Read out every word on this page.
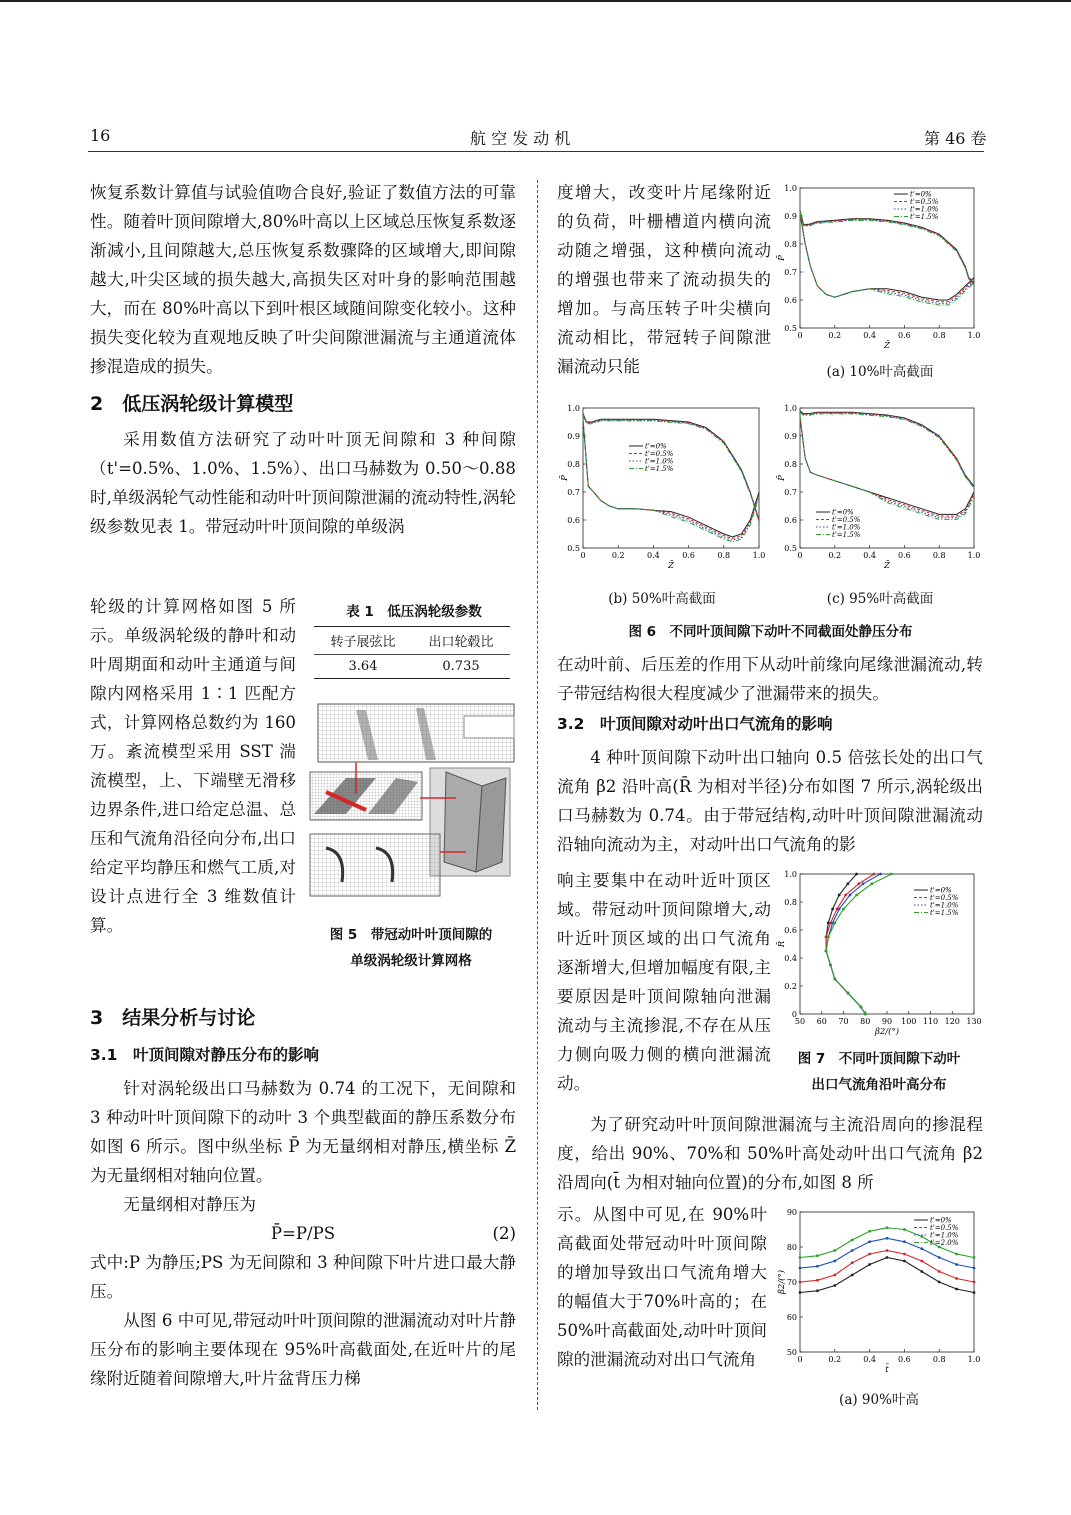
16	航 空 发 动 机	第 46 卷

恢复系数计算值与试验值吻合良好,验证了数值方法的可靠性。随着叶顶间隙增大,80%叶高以上区域总压恢复系数逐渐减小,且间隙越大,总压恢复系数骤降的区域增大,即间隙越大,叶尖区域的损失越大,高损失区对叶身的影响范围越大，而在 80%叶高以下到叶根区域随间隙变化较小。这种损失变化较为直观地反映了叶尖间隙泄漏流与主通道流体掺混造成的损失。

2　低压涡轮级计算模型

采用数值方法研究了动叶叶顶无间隙和 3 种间隙（t'=0.5%、1.0%、1.5%）、出口马赫数为 0.50～0.88 时,单级涡轮气动性能和动叶叶顶间隙泄漏的流动特性,涡轮级参数见表 1。带冠动叶叶顶间隙的单级涡

轮级的计算网格如图 5 所示。单级涡轮级的静叶和动叶周期面和动叶主通道与间隙内网格采用 1∶1 匹配方式，计算网格总数约为 160 万。紊流模型采用 SST 湍流模型，上、下端壁无滑移边界条件,进口给定总温、总压和气流角沿径向分布,出口给定平均静压和燃气工质,对设计点进行全 3 维数值计算。

表 1　低压涡轮级参数
转子展弦比	出口轮毂比
3.64	0.735
图 5　带冠动叶叶顶间隙的
单级涡轮级计算网格

3　结果分析与讨论

3.1　叶顶间隙对静压分布的影响

针对涡轮级出口马赫数为 0.74 的工况下，无间隙和 3 种动叶叶顶间隙下的动叶 3 个典型截面的静压系数分布如图 6 所示。图中纵坐标 P̄ 为无量纲相对静压,横坐标 Z̄ 为无量纲相对轴向位置。

无量纲相对静压为

P̄=P/PS	(2)

式中:P 为静压;PS 为无间隙和 3 种间隙下叶片进口最大静压。

从图 6 中可见,带冠动叶叶顶间隙的泄漏流动对叶片静压分布的影响主要体现在 95%叶高截面处,在近叶片的尾缘附近随着间隙增大,叶片盆背压力梯

度增大，改变叶片尾缘附近的负荷，叶栅槽道内横向流动随之增强，这种横向流动的增强也带来了流动损失的增加。与高压转子叶尖横向流动相比，带冠转子间隙泄漏流动只能

0	0.2	0.4	0.6	0.8	1.0
0.5
0.6
0.7
0.8
0.9
1.0
Z̄
P̄
t'=0%
t'=0.5%
t'=1.0%
t'=1.5%
(a) 10%叶高截面
0	0.2	0.4	0.6	0.8	1.0
0.5
0.6
0.7
0.8
0.9
1.0
Z̄
P̄
t'=0%
t'=0.5%
t'=1.0%
t'=1.5%
0	0.2	0.4	0.6	0.8	1.0
0.5
0.6
0.7
0.8
0.9
1.0
Z̄
P̄
t'=0%
t'=0.5%
t'=1.0%
t'=1.5%
(b) 50%叶高截面	(c) 95%叶高截面
图 6　不同叶顶间隙下动叶不同截面处静压分布

在动叶前、后压差的作用下从动叶前缘向尾缘泄漏流动,转子带冠结构很大程度减少了泄漏带来的损失。

3.2　叶顶间隙对动叶出口气流角的影响

4 种叶顶间隙下动叶出口轴向 0.5 倍弦长处的出口气流角 β2 沿叶高(R̄ 为相对半径)分布如图 7 所示,涡轮级出口马赫数为 0.74。由于带冠结构,动叶叶顶间隙泄漏流动沿轴向流动为主，对动叶出口气流角的影

响主要集中在动叶近叶顶区域。带冠动叶顶间隙增大,动叶近叶顶区域的出口气流角逐渐增大,但增加幅度有限,主要原因是叶顶间隙轴向泄漏流动与主流掺混,不存在从压力侧向吸力侧的横向泄漏流动。

50 60 70 80 90 100 110 120 130
0
0.2
0.4
0.6
0.8
1.0
β2/(°)
R̄
t'=0%
t'=0.5%
t'=1.0%
t'=1.5%
图 7　不同叶顶间隙下动叶
出口气流角沿叶高分布

为了研究动叶叶顶间隙泄漏流与主流沿周向的掺混程度，给出 90%、70%和 50%叶高处动叶出口气流角 β2 沿周向(t̄ 为相对轴向位置)的分布,如图 8 所

示。从图中可见,在 90%叶高截面处带冠动叶叶顶间隙的增加导致出口气流角增大的幅值大于70%叶高的；在 50%叶高截面处,动叶叶顶间隙的泄漏流动对出口气流角	0	0.2	0.4	0.6	0.8	1.0
50
60
70
80
90
t̄
β2/(°)
t'=0%
t'=0.5%
t'=1.0%
t'=2.0%
(a) 90%叶高
